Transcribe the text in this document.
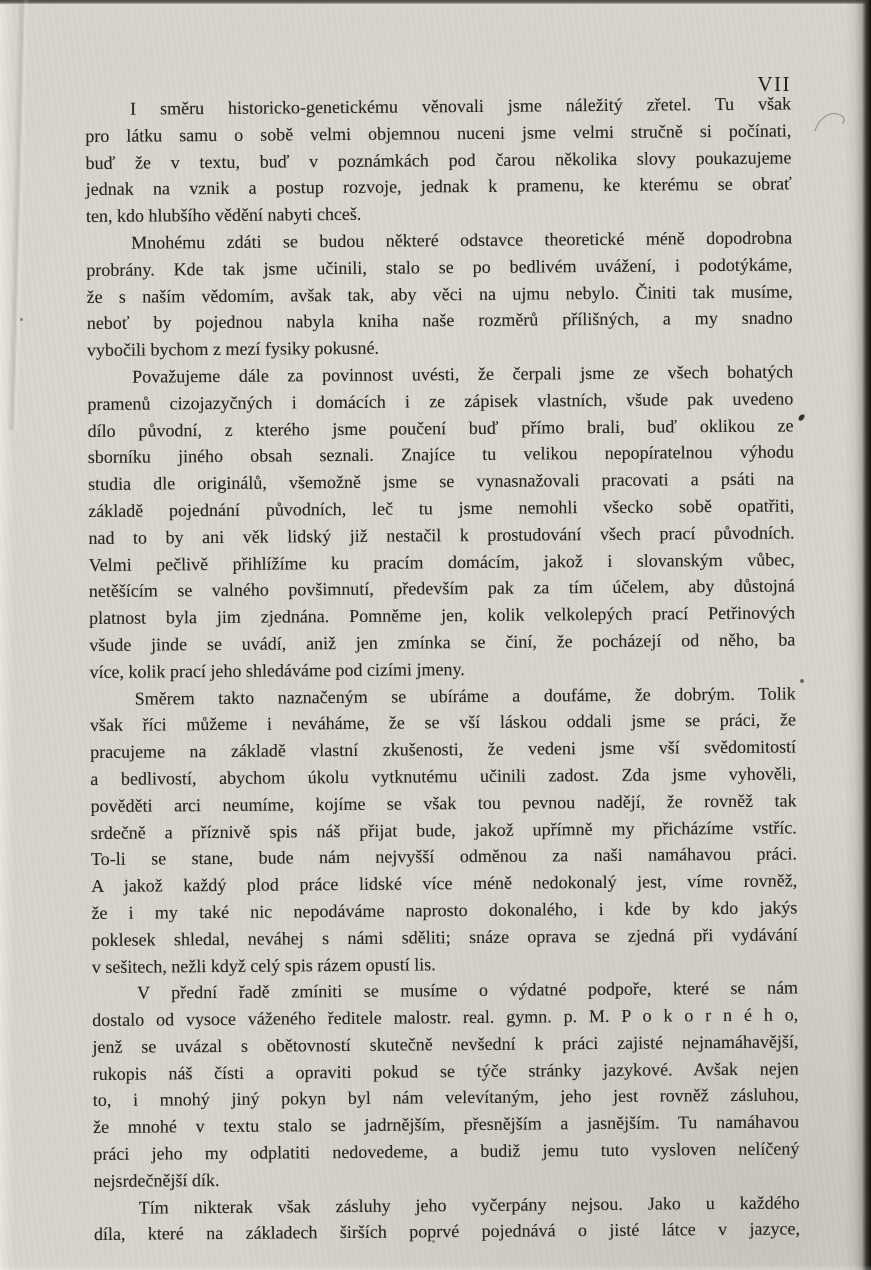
VII
I směru historicko-genetickému věnovali jsme náležitý zřetel. Tu však
pro látku samu o sobě velmi objemnou nuceni jsme velmi stručně si počínati,
buď že v textu, buď v poznámkách pod čarou několika slovy poukazujeme
jednak na vznik a postup rozvoje, jednak k pramenu, ke kterému se obrať
ten, kdo hlubšího vědění nabyti chceš.
Mnohému zdáti se budou některé odstavce theoretické méně dopodrobna
probrány. Kde tak jsme učinili, stalo se po bedlivém uvážení, i podotýkáme,
že s naším vědomím, avšak tak, aby věci na ujmu nebylo. Činiti tak musíme,
neboť by pojednou nabyla kniha naše rozměrů přílišných, a my snadno
vybočili bychom z mezí fysiky pokusné.
Považujeme dále za povinnost uvésti, že čerpali jsme ze všech bohatých
pramenů cizojazyčných i domácích i ze zápisek vlastních, všude pak uvedeno
dílo původní, z kterého jsme poučení buď přímo brali, buď oklikou ze
sborníku jiného obsah seznali. Znajíce tu velikou nepopíratelnou výhodu
studia dle originálů, všemožně jsme se vynasnažovali pracovati a psáti na
základě pojednání původních, leč tu jsme nemohli všecko sobě opatřiti,
nad to by ani věk lidský již nestačil k prostudování všech prací původních.
Velmi pečlivě přihlížíme ku pracím domácím, jakož i slovanským vůbec,
netěšícím se valného povšimnutí, především pak za tím účelem, aby důstojná
platnost byla jim zjednána. Pomněme jen, kolik velkolepých prací Petřinových
všude jinde se uvádí, aniž jen zmínka se činí, že pocházejí od něho, ba
více, kolik prací jeho shledáváme pod cizími jmeny.
Směrem takto naznačeným se ubíráme a doufáme, že dobrým. Tolik
však říci můžeme i neváháme, že se vší láskou oddali jsme se práci, že
pracujeme na základě vlastní zkušenosti, že vedeni jsme vší svědomitostí
a bedlivostí, abychom úkolu vytknutému učinili zadost. Zda jsme vyhověli,
pověděti arci neumíme, kojíme se však tou pevnou nadějí, že rovněž tak
srdečně a příznivě spis náš přijat bude, jakož upřímně my přicházíme vstříc.
To-li se stane, bude nám nejvyšší odměnou za naši namáhavou práci.
A jakož každý plod práce lidské více méně nedokonalý jest, víme rovněž,
že i my také nic nepodáváme naprosto dokonalého, i kde by kdo jakýs
poklesek shledal, neváhej s námi sděliti; snáze oprava se zjedná při vydávání
v sešitech, nežli když celý spis rázem opustí lis.
V přední řadě zmíniti se musíme o výdatné podpoře, které se nám
dostalo od vysoce váženého ředitele malostr. real. gymn. p. M. P o k o r n é h o,
jenž se uvázal s obětovností skutečně nevšední k práci zajisté nejnamáhavější,
rukopis náš čísti a opraviti pokud se týče stránky jazykové. Avšak nejen
to, i mnohý jiný pokyn byl nám velevítaným, jeho jest rovněž zásluhou,
že mnohé v textu stalo se jadrnějším, přesnějším a jasnějším. Tu namáhavou
práci jeho my odplatiti nedovedeme, a budiž jemu tuto vysloven nelíčený
nejsrdečnější dík.
Tím nikterak však zásluhy jeho vyčerpány nejsou. Jako u každého
díla, které na základech širších poprvé pojednává o jisté látce v jazyce,
